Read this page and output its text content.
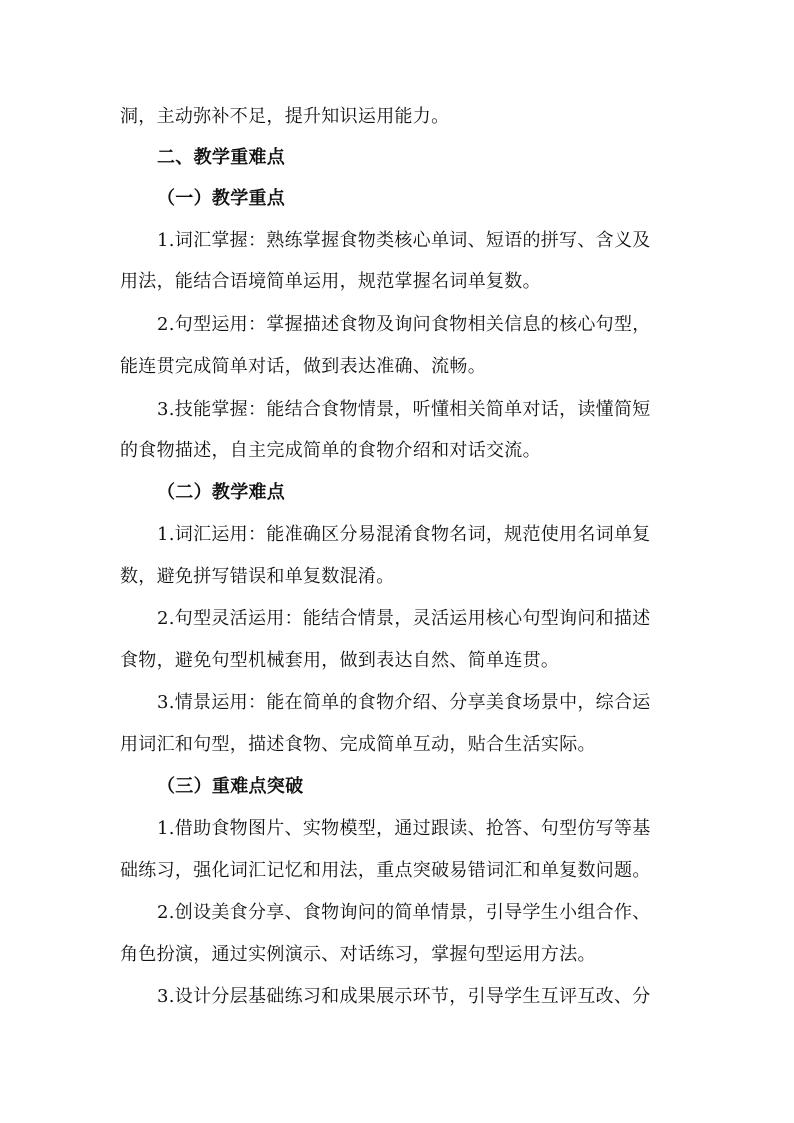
洞，主动弥补不足，提升知识运用能力。
二、教学重难点
（一）教学重点
1.词汇掌握：熟练掌握食物类核心单词、短语的拼写、含义及
用法，能结合语境简单运用，规范掌握名词单复数。
2.句型运用：掌握描述食物及询问食物相关信息的核心句型，
能连贯完成简单对话，做到表达准确、流畅。
3.技能掌握：能结合食物情景，听懂相关简单对话，读懂简短
的食物描述，自主完成简单的食物介绍和对话交流。
（二）教学难点
1.词汇运用：能准确区分易混淆食物名词，规范使用名词单复
数，避免拼写错误和单复数混淆。
2.句型灵活运用：能结合情景，灵活运用核心句型询问和描述
食物，避免句型机械套用，做到表达自然、简单连贯。
3.情景运用：能在简单的食物介绍、分享美食场景中，综合运
用词汇和句型，描述食物、完成简单互动，贴合生活实际。
（三）重难点突破
1.借助食物图片、实物模型，通过跟读、抢答、句型仿写等基
础练习，强化词汇记忆和用法，重点突破易错词汇和单复数问题。
2.创设美食分享、食物询问的简单情景，引导学生小组合作、
角色扮演，通过实例演示、对话练习，掌握句型运用方法。
3.设计分层基础练习和成果展示环节，引导学生互评互改、分
